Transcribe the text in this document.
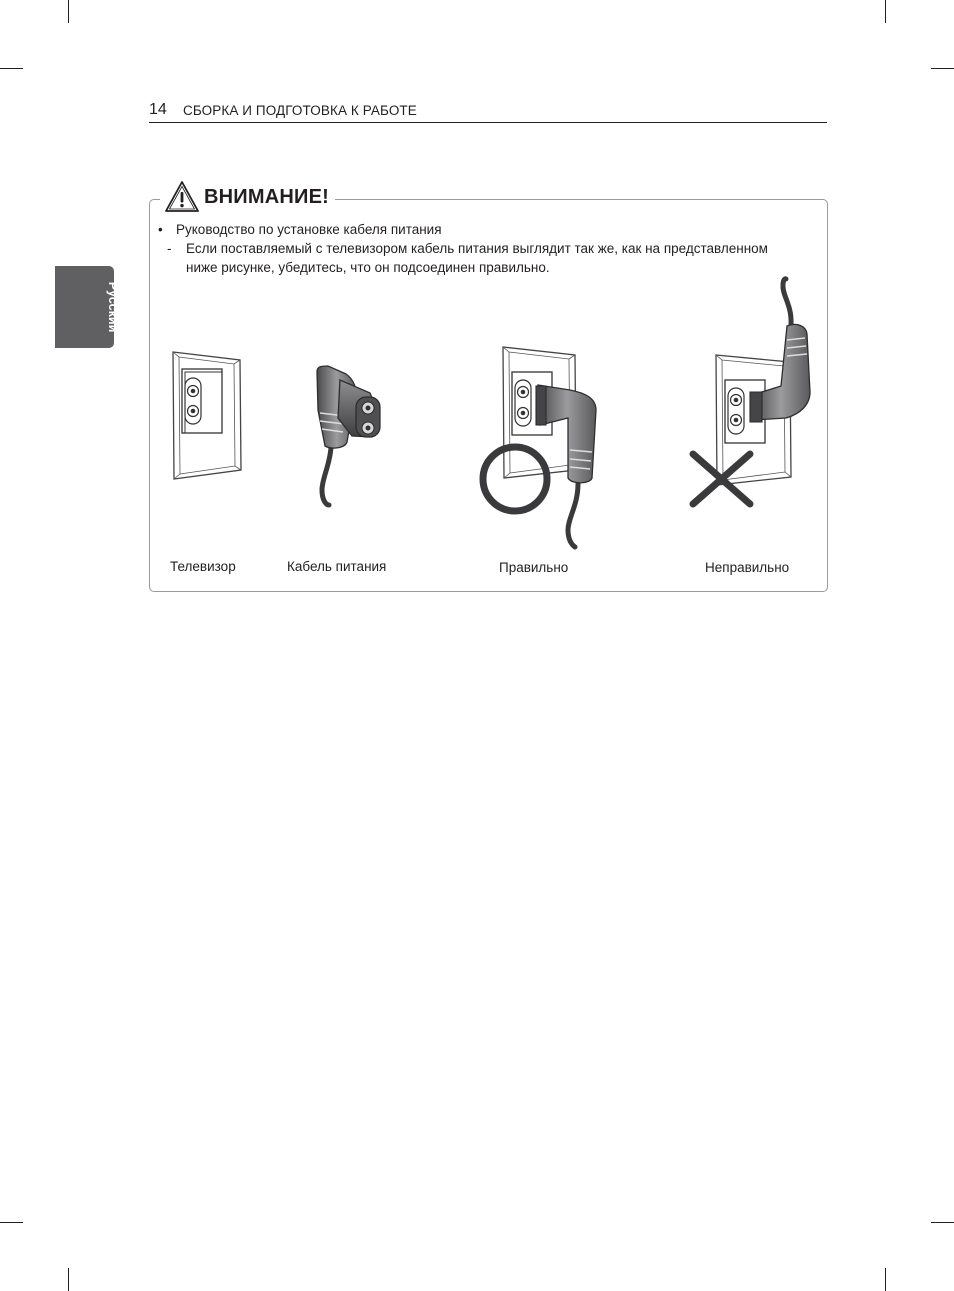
14 СБОРКА И ПОДГОТОВКА К РАБОТЕ
Русский
ВНИМАНИЕ!
• Руководство по установке кабеля питания
- Если поставляемый с телевизором кабель питания выглядит так же, как на представленном
ниже рисунке, убедитесь, что он подсоединен правильно.
Телевизор	Кабель питания	Правильно	Неправильно
